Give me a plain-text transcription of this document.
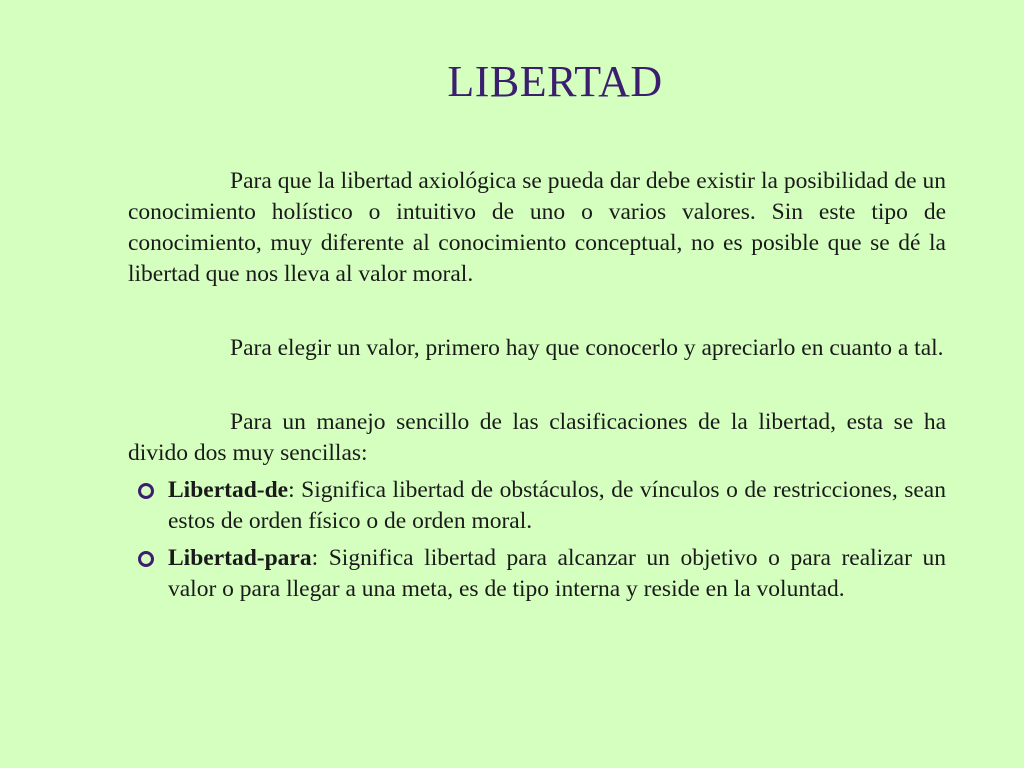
LIBERTAD

Para que la libertad axiológica se pueda dar debe existir la posibilidad de un conocimiento holístico o intuitivo de uno o varios valores. Sin este tipo de conocimiento, muy diferente al conocimiento conceptual, no es posible que se dé la libertad que nos lleva al valor moral.

Para elegir un valor, primero hay que conocerlo y apreciarlo en cuanto a tal.

Para un manejo sencillo de las clasificaciones de la libertad, esta se ha divido dos muy sencillas:

Libertad-de: Significa libertad de obstáculos, de vínculos o de restricciones, sean estos de orden físico o de orden moral.
Libertad-para: Significa libertad para alcanzar un objetivo o para realizar un valor o para llegar a una meta, es de tipo interna y reside en la voluntad.
